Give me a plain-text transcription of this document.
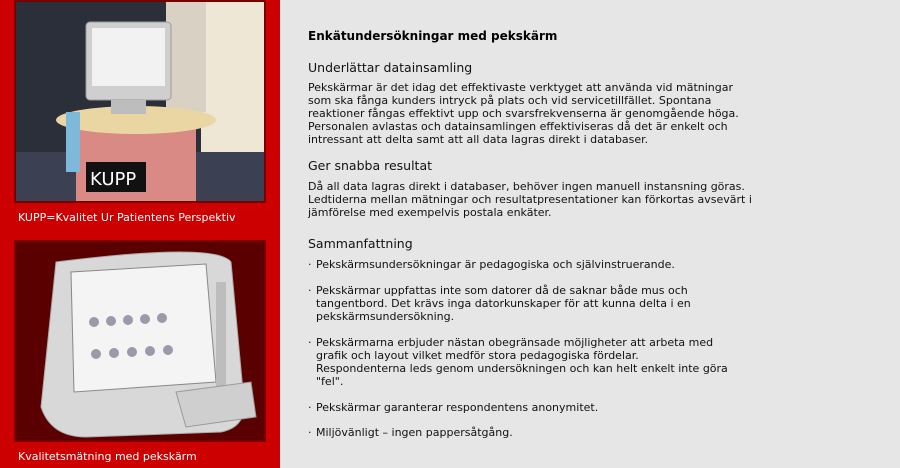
KUPP
KUPP=Kvalitet Ur Patientens Perspektiv
Kvalitetsmätning med pekskärm
Enkätundersökningar med pekskärm
Underlättar datainsamling
Pekskärmar är det idag det effektivaste verktyget att använda vid mätningar som ska fånga kunders intryck på plats och vid servicetillfället. Spontana reaktioner fångas effektivt upp och svarsfrekvenserna är genomgående höga. Personalen avlastas och datainsamlingen effektiviseras då det är enkelt och intressant att delta samt att all data lagras direkt i databaser.
Ger snabba resultat
Då all data lagras direkt i databaser, behöver ingen manuell instansning göras. Ledtiderna mellan mätningar och resultatpresentationer kan förkortas avsevärt i jämförelse med exempelvis postala enkäter.
Sammanfattning
· Pekskärmsundersökningar är pedagogiska och självinstruerande.
· Pekskärmar uppfattas inte som datorer då de saknar både mus och tangentbord. Det krävs inga datorkunskaper för att kunna delta i en pekskärmsundersökning.
· Pekskärmarna erbjuder nästan obegränsade möjligheter att arbeta med grafik och layout vilket medför stora pedagogiska fördelar. Respondenterna leds genom undersökningen och kan helt enkelt inte göra "fel".
· Pekskärmar garanterar respondentens anonymitet.
· Miljövänligt – ingen pappersåtgång.
